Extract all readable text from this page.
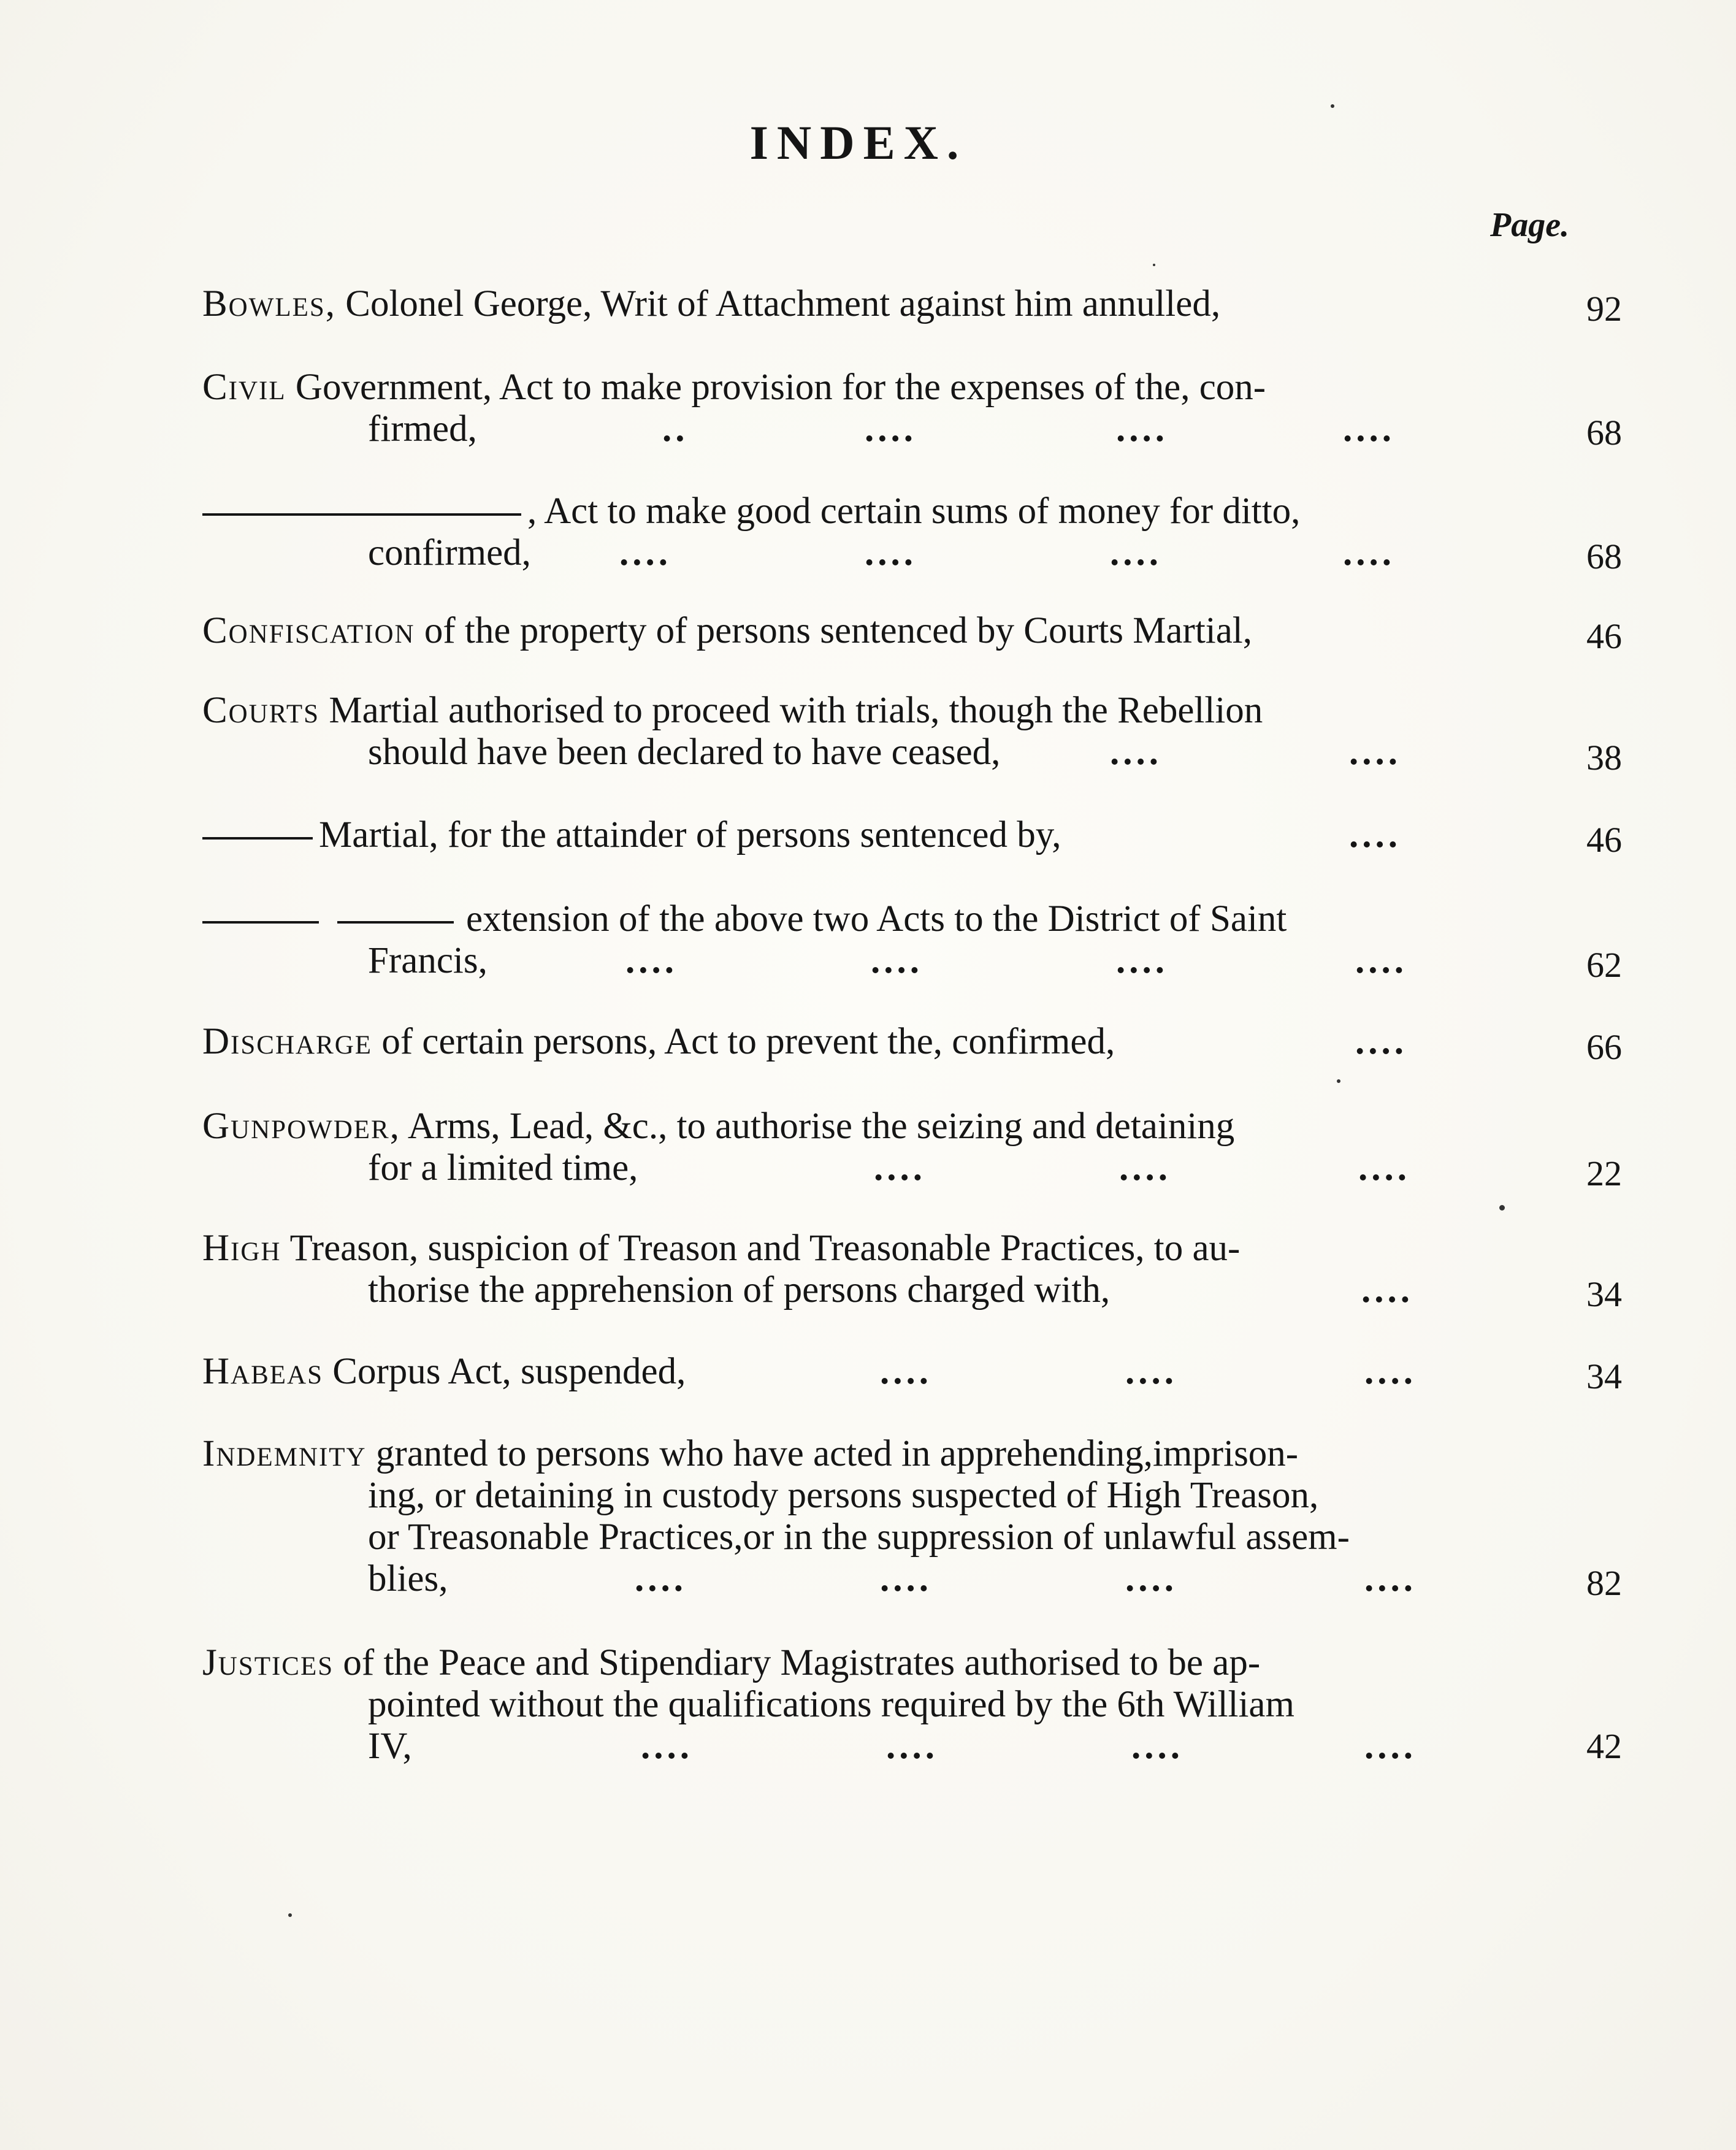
INDEX.
Page.
Bowles, Colonel George, Writ of Attachment against him annulled,	92
Civil Government, Act to make provision for the expenses of the, con-
firmed,	..	....	....	....	68
, Act to make good certain sums of money for ditto,
confirmed, ....	....	....	....	68
Confiscation of the property of persons sentenced by Courts Martial,	46
Courts Martial authorised to proceed with trials, though the Rebellion
should have been declared to have ceased,	....	....	38
Martial, for the attainder of persons sentenced by,	....	46
extension of the above two Acts to the District of Saint
Francis,	....	....	....	....	62
Discharge of certain persons, Act to prevent the, confirmed,	....	66
Gunpowder, Arms, Lead, &c., to authorise the seizing and detaining
for a limited time,	....	....	....	22
High Treason, suspicion of Treason and Treasonable Practices, to au-
thorise the apprehension of persons charged with,	....	34
Habeas Corpus Act, suspended,	....	....	....	34
Indemnity granted to persons who have acted in apprehending,imprison-
ing, or detaining in custody persons suspected of High Treason,
or Treasonable Practices,or in the suppression of unlawful assem-
blies,	....	....	....	....	82
Justices of the Peace and Stipendiary Magistrates authorised to be ap-
pointed without the qualifications required by the 6th William
IV,	....	....	....	....	42
